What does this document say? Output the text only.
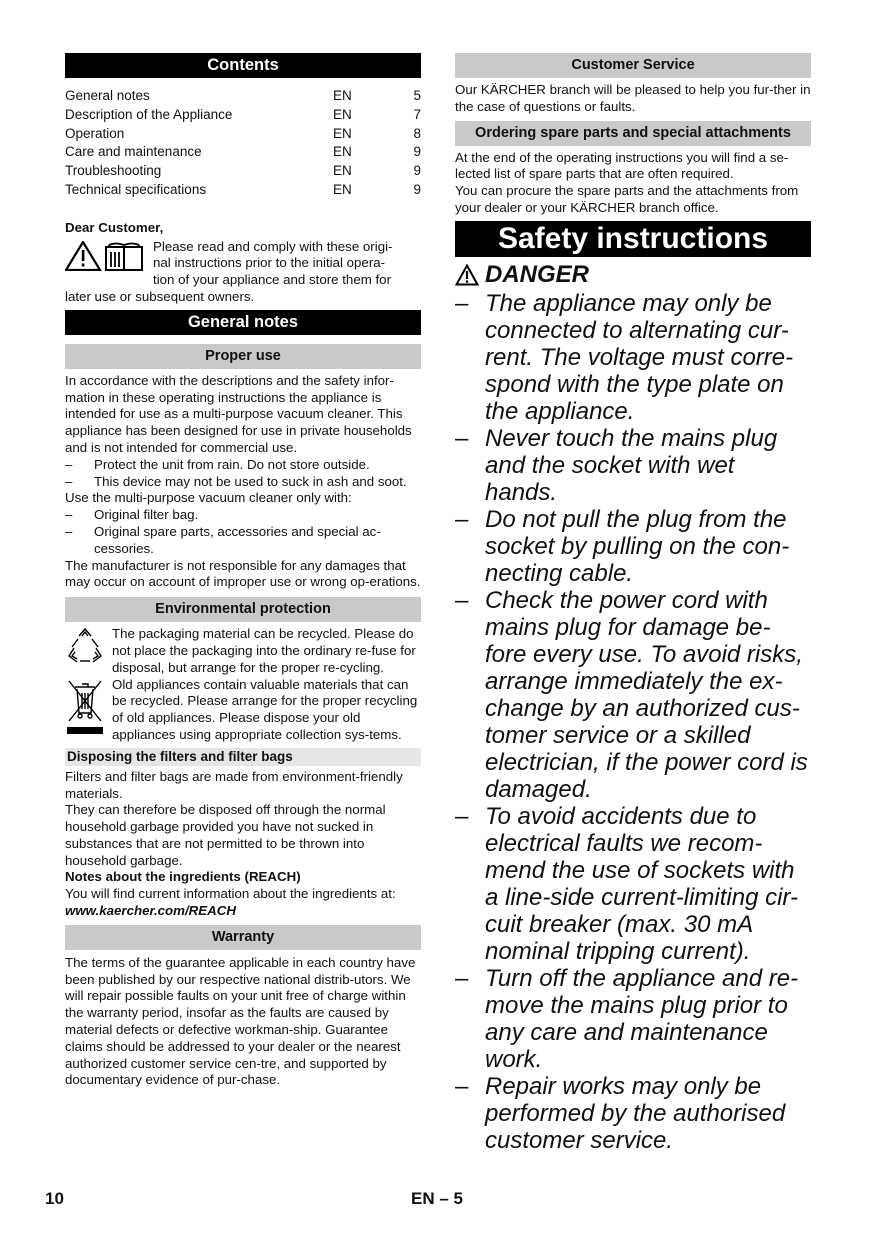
Contents
General notes	EN	5
Description of the Appliance	EN	7
Operation	EN	8
Care and maintenance	EN	9
Troubleshooting	EN	9
Technical specifications	EN	9
Dear Customer,
Please read and comply with these origi-
nal instructions prior to the initial opera-
tion of your appliance and store them for
later use or subsequent owners.
General notes
Proper use
In accordance with the descriptions and the safety infor-mation in these operating instructions the appliance is intended for use as a multi-purpose vacuum cleaner. This appliance has been designed for use in private households and is not intended for commercial use.
–	Protect the unit from rain. Do not store outside.
–	This device may not be used to suck in ash and soot.
Use the multi-purpose vacuum cleaner only with:
–	Original filter bag.
–	Original spare parts, accessories and special ac-cessories.
The manufacturer is not responsible for any damages that may occur on account of improper use or wrong op-erations.
Environmental protection
The packaging material can be recycled. Please do not place the packaging into the ordinary re-fuse for disposal, but arrange for the proper re-cycling.
Old appliances contain valuable materials that can be recycled. Please arrange for the proper recycling of old appliances. Please dispose your old appliances using appropriate collection sys-tems.
Disposing the filters and filter bags
Filters and filter bags are made from environment-friendly materials.
They can therefore be disposed off through the normal household garbage provided you have not sucked in substances that are not permitted to be thrown into household garbage.
Notes about the ingredients (REACH)
You will find current information about the ingredients at:
www.kaercher.com/REACH
Warranty
The terms of the guarantee applicable in each country have been published by our respective national distrib-utors. We will repair possible faults on your unit free of charge within the warranty period, insofar as the faults are caused by material defects or defective workman-ship. Guarantee claims should be addressed to your dealer or the nearest authorized customer service cen-tre, and supported by documentary evidence of pur-chase.
Customer Service
Our KÄRCHER branch will be pleased to help you fur-ther in the case of questions or faults.
Ordering spare parts and special attachments
At the end of the operating instructions you will find a se-lected list of spare parts that are often required.
You can procure the spare parts and the attachments from your dealer or your KÄRCHER branch office.
Safety instructions
DANGER
– The appliance may only be connected to alternating cur-rent. The voltage must corre-spond with the type plate on the appliance.
– Never touch the mains plug and the socket with wet hands.
– Do not pull the plug from the socket by pulling on the con-necting cable.
– Check the power cord with mains plug for damage be-fore every use. To avoid risks, arrange immediately the ex-change by an authorized cus-tomer service or a skilled electrician, if the power cord is damaged.
– To avoid accidents due to electrical faults we recom-mend the use of sockets with a line-side current-limiting cir-cuit breaker (max. 30 mA nominal tripping current).
– Turn off the appliance and re-move the mains plug prior to any care and maintenance work.
– Repair works may only be performed by the authorised customer service.
10	EN – 5
